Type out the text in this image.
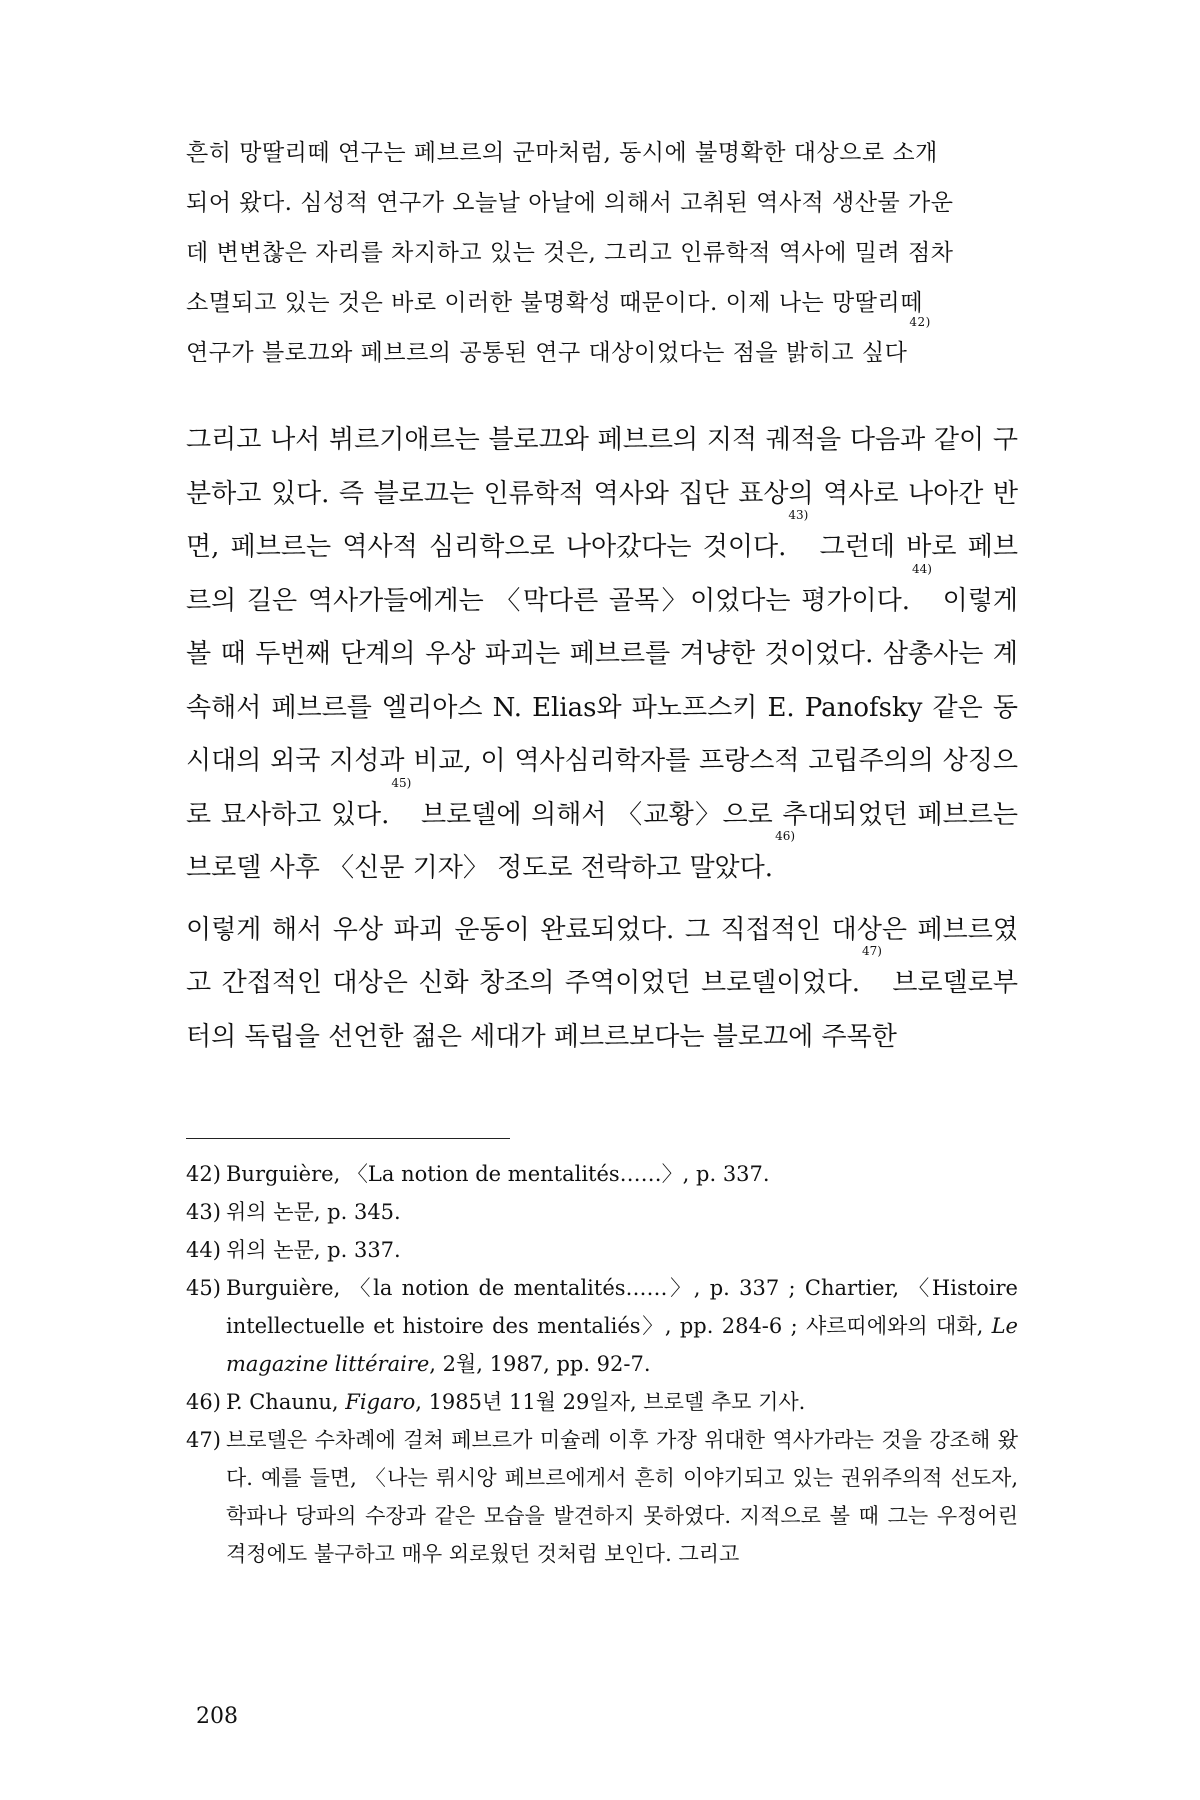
흔히 망딸리떼 연구는 페브르의 군마처럼, 동시에 불명확한 대상으로 소개
되어 왔다. 심성적 연구가 오늘날 아날에 의해서 고취된 역사적 생산물 가운
데 변변찮은 자리를 차지하고 있는 것은, 그리고 인류학적 역사에 밀려 점차
소멸되고 있는 것은 바로 이러한 불명확성 때문이다. 이제 나는 망딸리떼
연구가 블로끄와 페브르의 공통된 연구 대상이었다는 점을 밝히고 싶다$^{42)}$

그리고 나서 뷔르기애르는 블로끄와 페브르의 지적 궤적을 다음과 같이 구분하고 있다. 즉 블로끄는 인류학적 역사와 집단 표상의 역사로 나아간 반면, 페브르는 역사적 심리학으로 나아갔다는 것이다.$^{43)}$ 그런데 바로 페브르의 길은 역사가들에게는 〈막다른 골목〉이었다는 평가이다.$^{44)}$ 이렇게 볼 때 두번째 단계의 우상 파괴는 페브르를 겨냥한 것이었다. 삼총사는 계속해서 페브르를 엘리아스 N. Elias와 파노프스키 E. Panofsky 같은 동시대의 외국 지성과 비교, 이 역사심리학자를 프랑스적 고립주의의 상징으로 묘사하고 있다.$^{45)}$ 브로델에 의해서 〈교황〉으로 추대되었던 페브르는 브로델 사후 〈신문 기자〉 정도로 전락하고 말았다.$^{46)}$

이렇게 해서 우상 파괴 운동이 완료되었다. 그 직접적인 대상은 페브르였고 간접적인 대상은 신화 창조의 주역이었던 브로델이었다.$^{47)}$ 브로델로부터의 독립을 선언한 젊은 세대가 페브르보다는 블로끄에 주목한

42) Burguière, 〈La notion de mentalités……〉, p. 337.
43) 위의 논문, p. 345.
44) 위의 논문, p. 337.
45) Burguière, 〈la notion de mentalités……〉, p. 337 ; Chartier, 〈Histoire intellectuelle et histoire des mentaliés〉, pp. 284-6 ; 샤르띠에와의 대화, Le magazine littéraire, 2월, 1987, pp. 92-7.
46) P. Chaunu, Figaro, 1985년 11월 29일자, 브로델 추모 기사.
47) 브로델은 수차례에 걸쳐 페브르가 미슐레 이후 가장 위대한 역사가라는 것을 강조해 왔다. 예를 들면, 〈나는 뤼시앙 페브르에게서 흔히 이야기되고 있는 권위주의적 선도자, 학파나 당파의 수장과 같은 모습을 발견하지 못하였다. 지적으로 볼 때 그는 우정어린 격정에도 불구하고 매우 외로웠던 것처럼 보인다. 그리고
208
